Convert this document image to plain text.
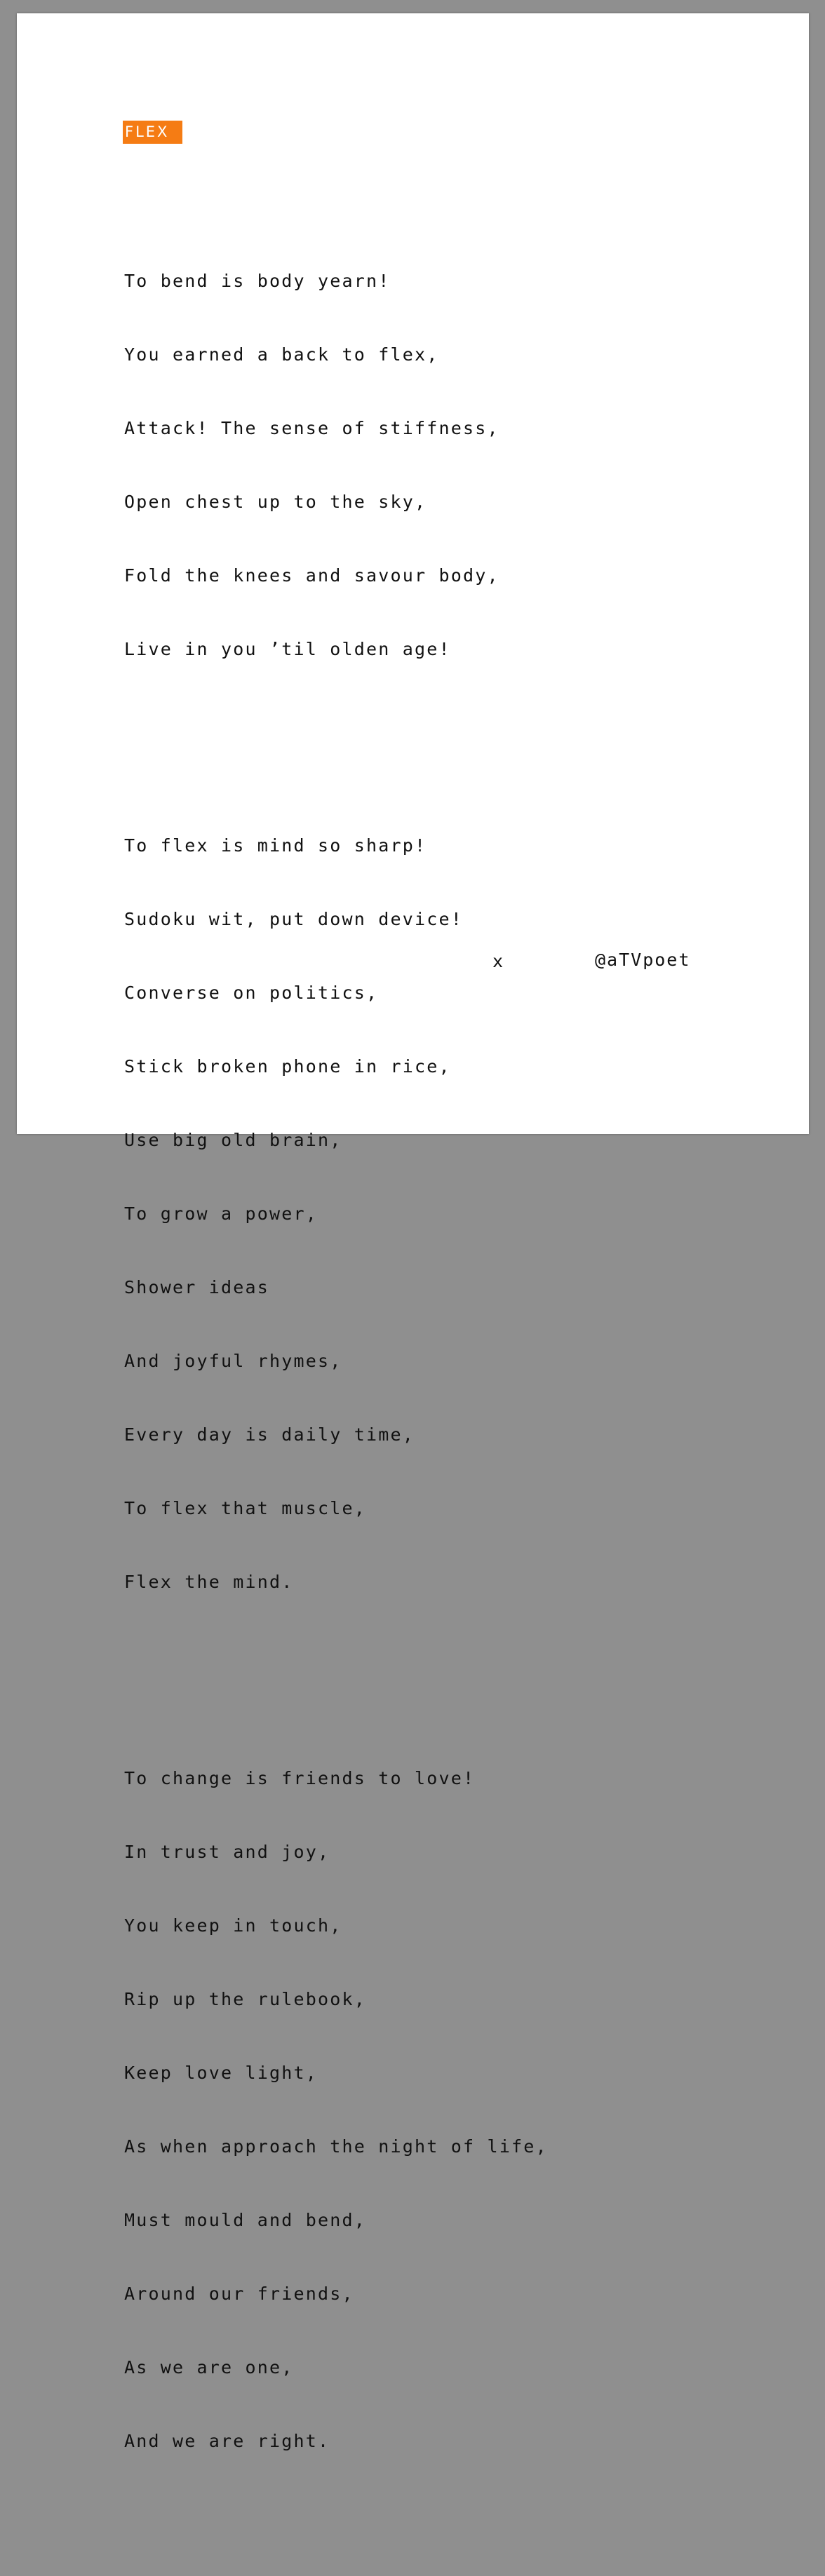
FLEX

To bend is body yearn!

You earned a back to flex,

Attack! The sense of stiffness,

Open chest up to the sky,

Fold the knees and savour body,

Live in you ’til olden age!

To flex is mind so sharp!

Sudoku wit, put down device!

Converse on politics,

Stick broken phone in rice,

Use big old brain,

To grow a power,

Shower ideas

And joyful rhymes,

Every day is daily time,

To flex that muscle,

Flex the mind.

To change is friends to love!

In trust and joy,

You keep in touch,

Rip up the rulebook,

Keep love light,

As when approach the night of life,

Must mould and bend,

Around our friends,

As we are one,

And we are right.

x	@aTVpoet
